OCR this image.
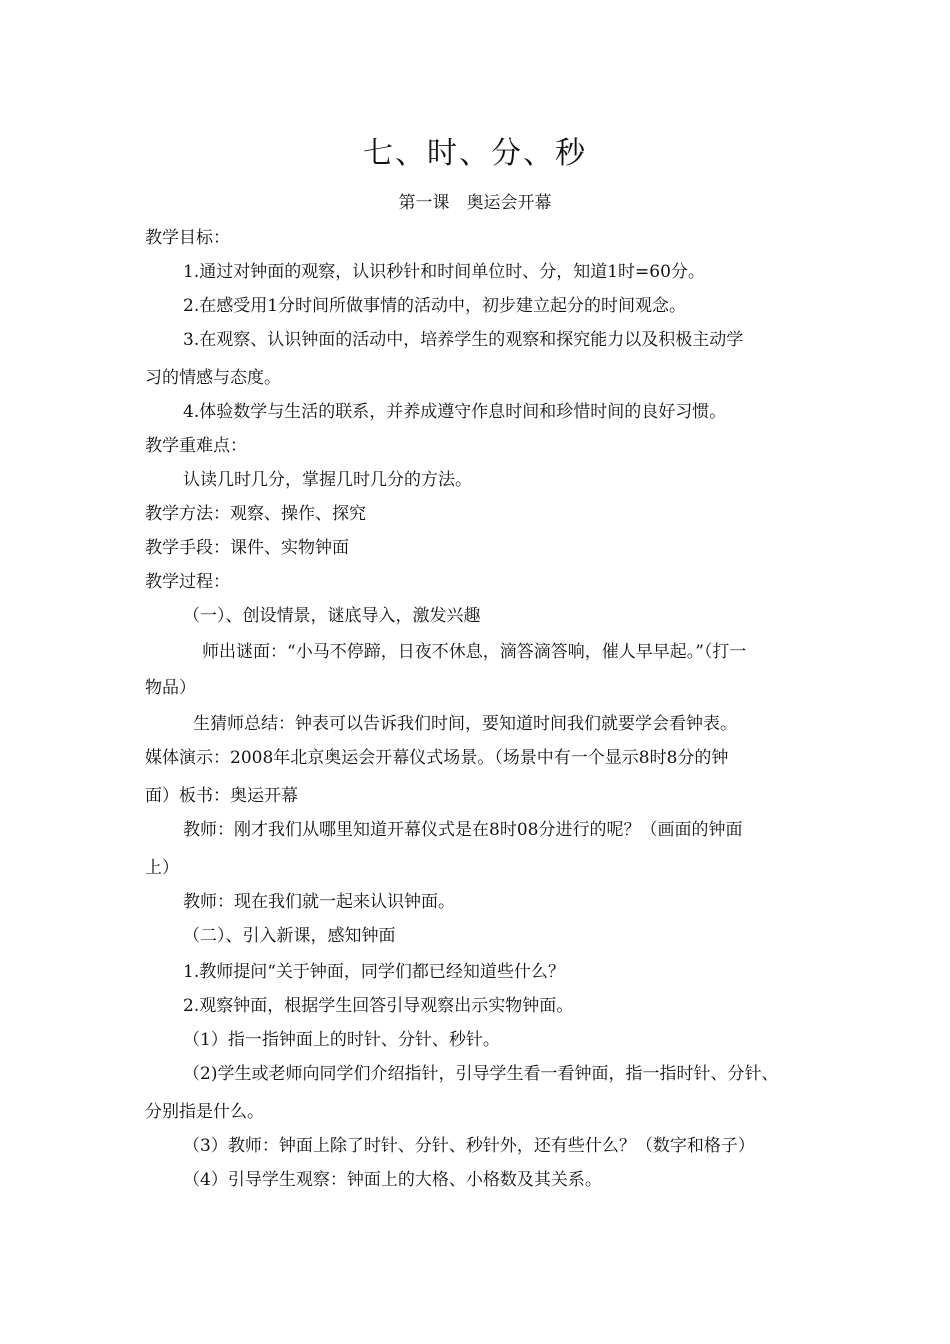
七、时、分、秒
第一课　奥运会开幕
教学目标：
1.通过对钟面的观察，认识秒针和时间单位时、分，知道1时=60分。
2.在感受用1分时间所做事情的活动中，初步建立起分的时间观念。
3.在观察、认识钟面的活动中，培养学生的观察和探究能力以及积极主动学
习的情感与态度。
4.体验数学与生活的联系，并养成遵守作息时间和珍惜时间的良好习惯。
教学重难点：
认读几时几分，掌握几时几分的方法。
教学方法：观察、操作、探究
教学手段：课件、实物钟面
教学过程：
（一）、创设情景，谜底导入，激发兴趣
师出谜面：“小马不停蹄，日夜不休息，滴答滴答响，催人早早起。”（打一
物品）
生猜师总结：钟表可以告诉我们时间，要知道时间我们就要学会看钟表。
媒体演示：2008年北京奥运会开幕仪式场景。（场景中有一个显示8时8分的钟
面）板书：奥运开幕
教师：刚才我们从哪里知道开幕仪式是在8时08分进行的呢？（画面的钟面
上）
教师：现在我们就一起来认识钟面。
（二）、引入新课，感知钟面
1.教师提问“关于钟面，同学们都已经知道些什么？
2.观察钟面，根据学生回答引导观察出示实物钟面。
（1）指一指钟面上的时针、分针、秒针。
（2)学生或老师向同学们介绍指针，引导学生看一看钟面，指一指时针、分针、
分别指是什么。
（3）教师：钟面上除了时针、分针、秒针外，还有些什么？（数字和格子）
（4）引导学生观察：钟面上的大格、小格数及其关系。
